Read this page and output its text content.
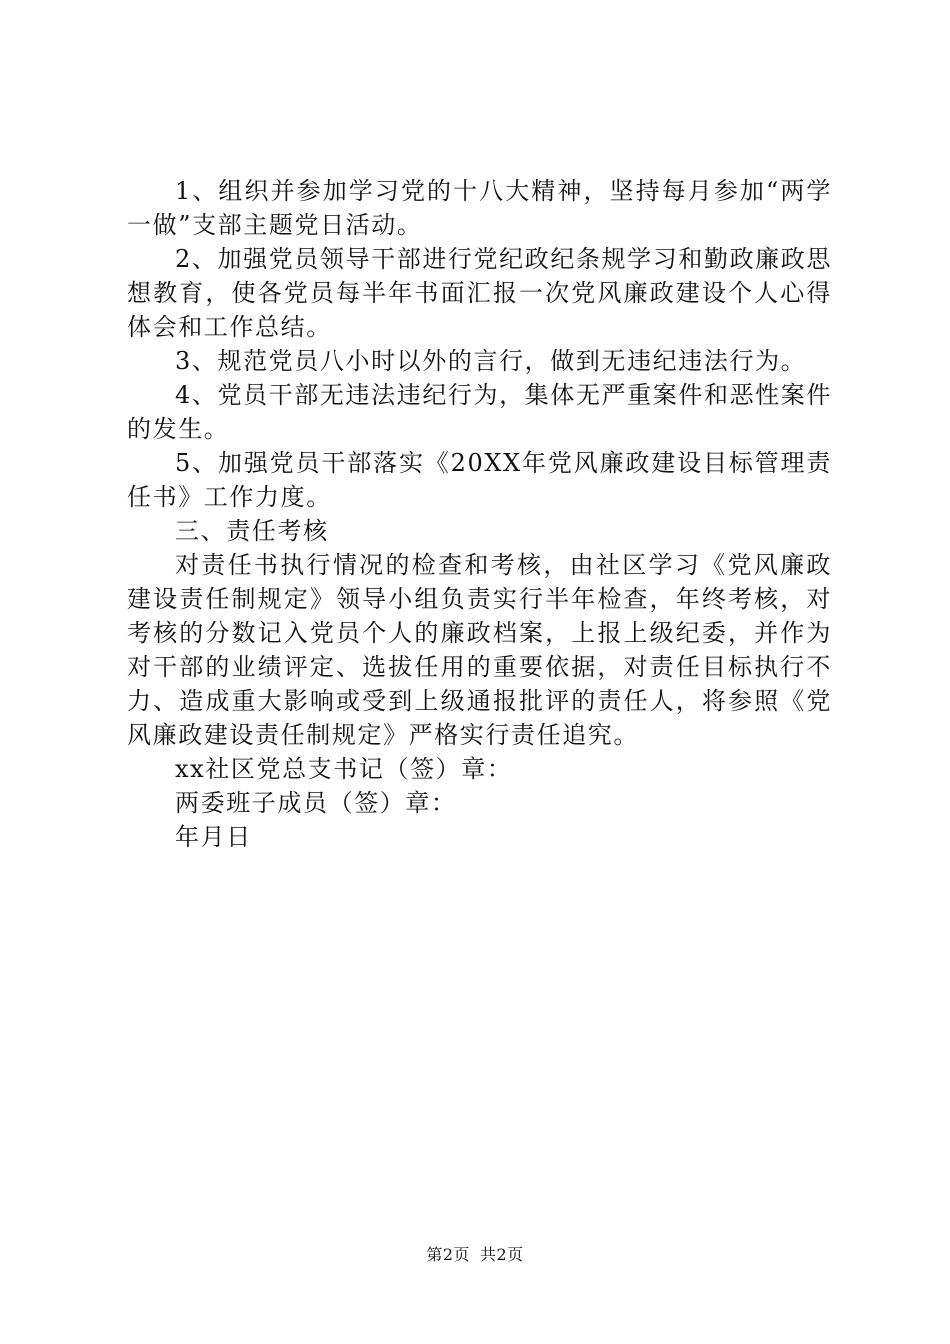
1、组织并参加学习党的十八大精神，坚持每月参加“两学一做”支部主题党日活动。

2、加强党员领导干部进行党纪政纪条规学习和勤政廉政思想教育，使各党员每半年书面汇报一次党风廉政建设个人心得体会和工作总结。

3、规范党员八小时以外的言行，做到无违纪违法行为。

4、党员干部无违法违纪行为，集体无严重案件和恶性案件的发生。

5、加强党员干部落实《20XX年党风廉政建设目标管理责任书》工作力度。

三、责任考核

对责任书执行情况的检查和考核，由社区学习《党风廉政建设责任制规定》领导小组负责实行半年检查，年终考核，对考核的分数记入党员个人的廉政档案，上报上级纪委，并作为对干部的业绩评定、选拔任用的重要依据，对责任目标执行不力、造成重大影响或受到上级通报批评的责任人，将参照《党风廉政建设责任制规定》严格实行责任追究。

xx社区党总支书记（签）章：

两委班子成员（签）章：

年月日

第2页 共2页
